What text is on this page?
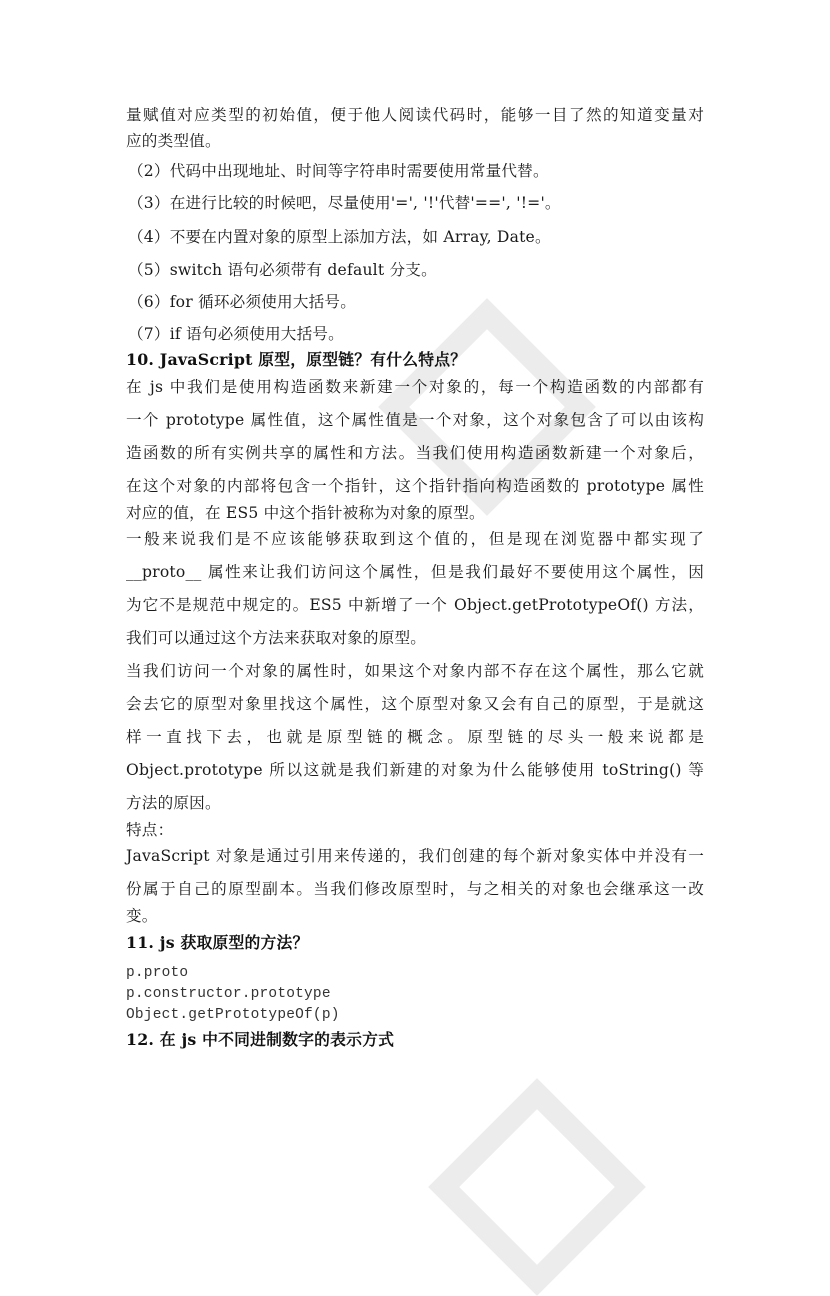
量赋值对应类型的初始值，便于他人阅读代码时，能够一目了然的知道变量对
应的类型值。
（2）代码中出现地址、时间等字符串时需要使用常量代替。
（3）在进行比较的时候吧，尽量使用'=', '!'代替'==', '!='。
（4）不要在内置对象的原型上添加方法，如 Array, Date。
（5）switch 语句必须带有 default 分支。
（6）for 循环必须使用大括号。
（7）if 语句必须使用大括号。
10. JavaScript 原型，原型链？有什么特点？
在 js 中我们是使用构造函数来新建一个对象的，每一个构造函数的内部都有
一个 prototype 属性值，这个属性值是一个对象，这个对象包含了可以由该构
造函数的所有实例共享的属性和方法。当我们使用构造函数新建一个对象后，
在这个对象的内部将包含一个指针，这个指针指向构造函数的 prototype 属性
对应的值，在 ES5 中这个指针被称为对象的原型。
一般来说我们是不应该能够获取到这个值的，但是现在浏览器中都实现了
__proto__ 属性来让我们访问这个属性，但是我们最好不要使用这个属性，因
为它不是规范中规定的。ES5 中新增了一个 Object.getPrototypeOf() 方法，
我们可以通过这个方法来获取对象的原型。
当我们访问一个对象的属性时，如果这个对象内部不存在这个属性，那么它就
会去它的原型对象里找这个属性，这个原型对象又会有自己的原型，于是就这
样一直找下去，也就是原型链的概念。原型链的尽头一般来说都是
Object.prototype 所以这就是我们新建的对象为什么能够使用 toString() 等
方法的原因。
特点：
JavaScript 对象是通过引用来传递的，我们创建的每个新对象实体中并没有一
份属于自己的原型副本。当我们修改原型时，与之相关的对象也会继承这一改
变。
11. js 获取原型的方法？
p.proto
p.constructor.prototype
Object.getPrototypeOf(p)
12. 在 js 中不同进制数字的表示方式
